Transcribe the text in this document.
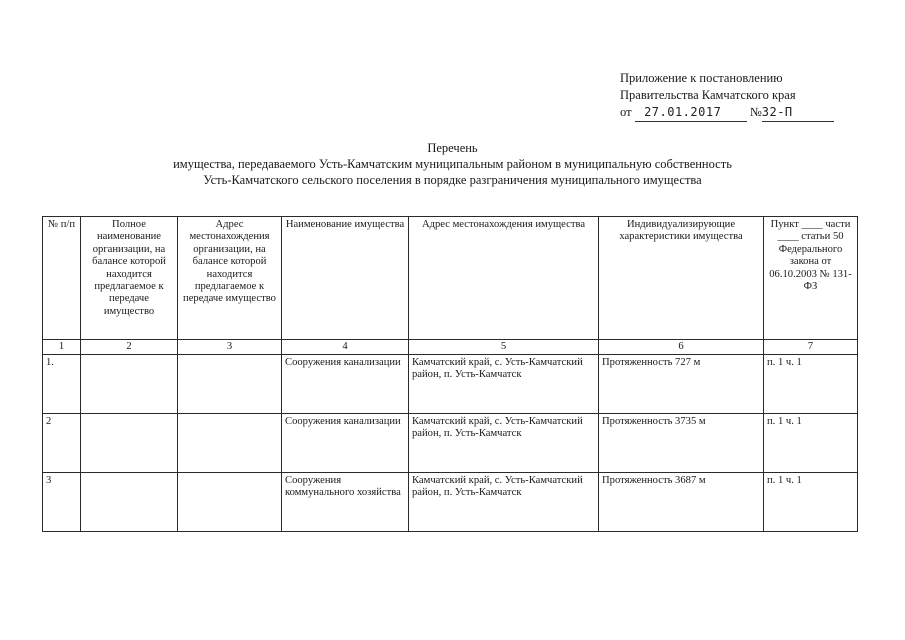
Приложение к постановлению
Правительства Камчатского края
от 27.01.2017 №32-П
Перечень
имущества, передаваемого Усть-Камчатским муниципальным районом в муниципальную собственность
Усть-Камчатского сельского поселения в порядке разграничения муниципального имущества
№ п/п	Полное наименование организации, на балансе которой находится предлагаемое к передаче имущество	Адрес местонахождения организации, на балансе которой находится предлагаемое к передаче имущество	Наименование имущества	Адрес местонахождения имущества	Индивидуализирующие характеристики имущества	Пункт ____ части ____ статьи 50 Федерального закона от 06.10.2003 № 131-ФЗ
1	2	3	4	5	6	7
1.			Сооружения канализации	Камчатский край, с. Усть-Камчатский район, п. Усть-Камчатск	Протяженность 727 м	п. 1 ч. 1
2			Сооружения канализации	Камчатский край, с. Усть-Камчатский район, п. Усть-Камчатск	Протяженность 3735 м	п. 1 ч. 1
3			Сооружения коммунального хозяйства	Камчатский край, с. Усть-Камчатский район, п. Усть-Камчатск	Протяженность 3687 м	п. 1 ч. 1
